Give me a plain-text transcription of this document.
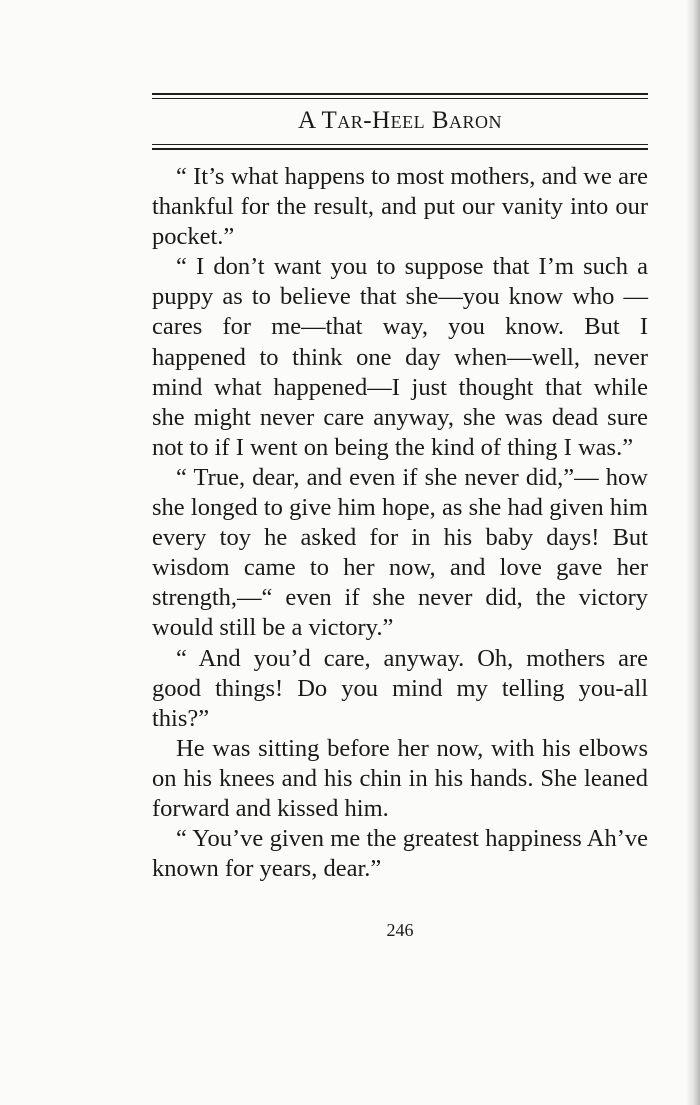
A Tar-Heel Baron

“ It’s what happens to most mothers, and we are thankful for the result, and put our vanity into our pocket.”

“ I don’t want you to suppose that I’m such a puppy as to believe that she—you know who —cares for me—that way, you know. But I happened to think one day when—well, never mind what happened—I just thought that while she might never care anyway, she was dead sure not to if I went on being the kind of thing I was.”

“ True, dear, and even if she never did,”— how she longed to give him hope, as she had given him every toy he asked for in his baby days! But wisdom came to her now, and love gave her strength,—“ even if she never did, the victory would still be a victory.”

“ And you’d care, anyway. Oh, mothers are good things! Do you mind my telling you-all this?”

He was sitting before her now, with his elbows on his knees and his chin in his hands. She leaned forward and kissed him.

“ You’ve given me the greatest happiness Ah’ve known for years, dear.”

246
